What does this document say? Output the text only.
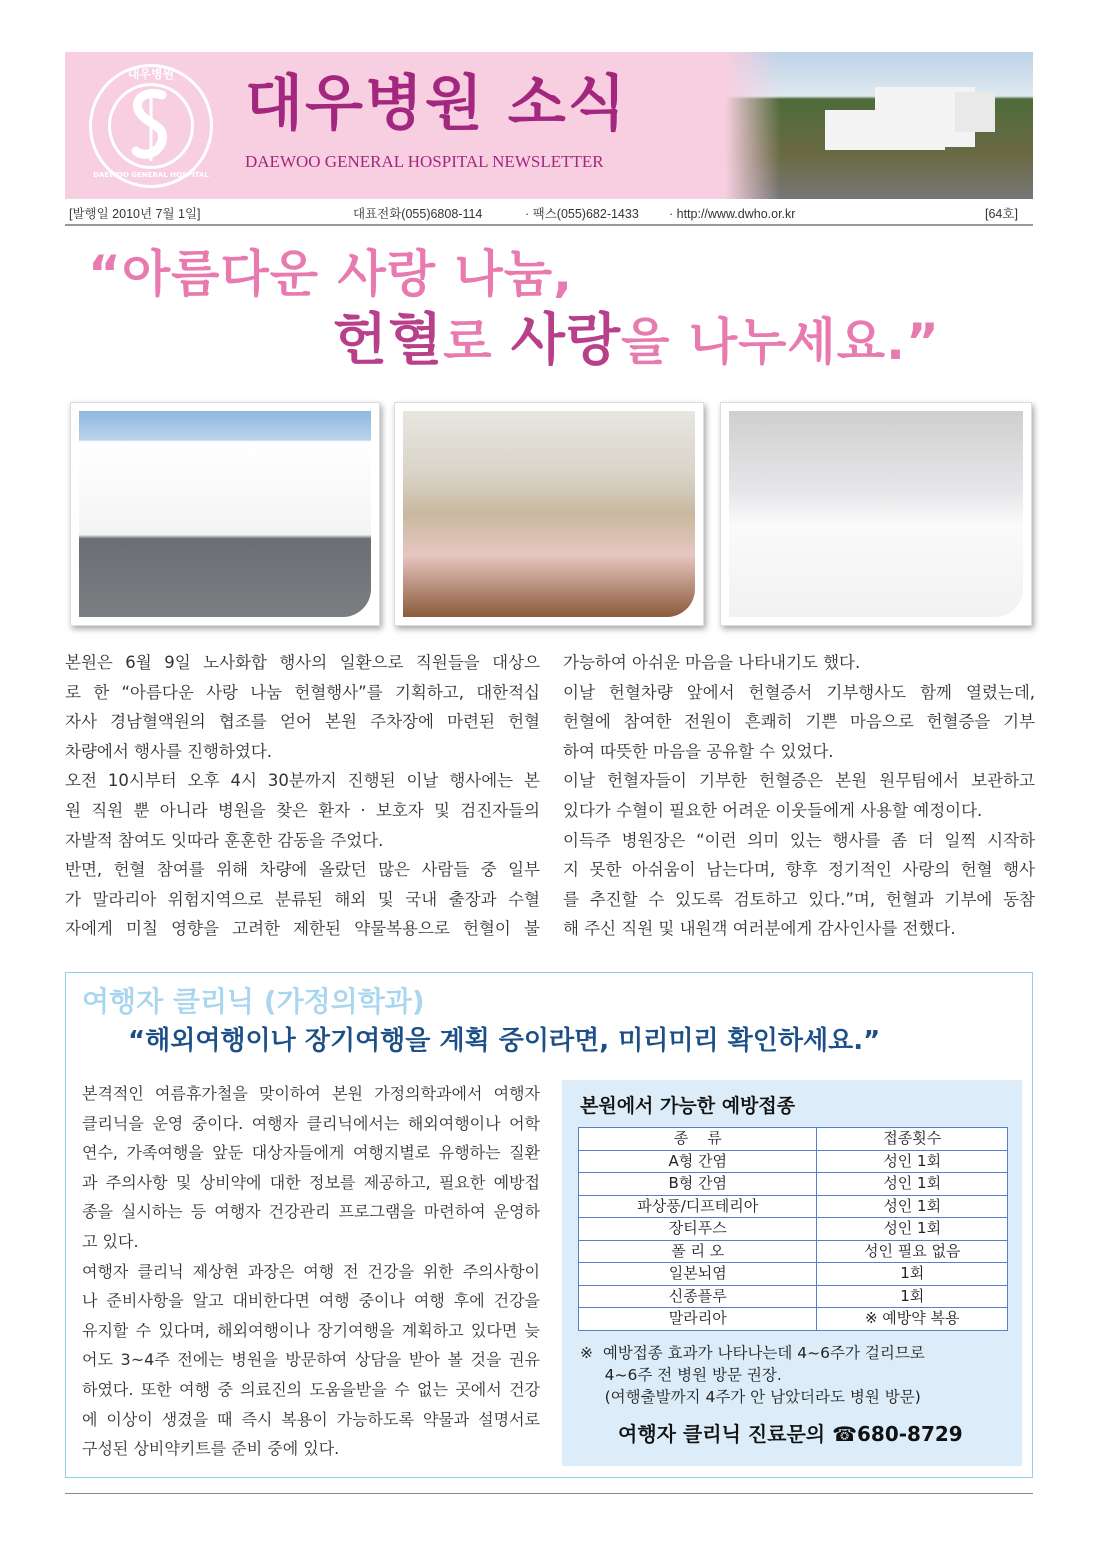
대우병원
DAEWOO GENERAL HOSPITAL
대우병원 소식
DAEWOO GENERAL HOSPITAL NEWSLETTER
[발행일 2010년 7월 1일]	대표전화(055)6808-114	· 팩스(055)682-1433 · http://www.dwho.or.kr	[64호]
“아름다운 사랑 나눔,
헌혈로 사랑을 나누세요.”
본원은 6월 9일 노사화합 행사의 일환으로 직원들을 대상으
로 한 “아름다운 사랑 나눔 헌혈행사”를 기획하고, 대한적십
자사 경남혈액원의 협조를 얻어 본원 주차장에 마련된 헌혈
차량에서 행사를 진행하였다.
오전 10시부터 오후 4시 30분까지 진행된 이날 행사에는 본
원 직원 뿐 아니라 병원을 찾은 환자 · 보호자 및 검진자들의
자발적 참여도 잇따라 훈훈한 감동을 주었다.
반면, 헌혈 참여를 위해 차량에 올랐던 많은 사람들 중 일부
가 말라리아 위험지역으로 분류된 해외 및 국내 출장과 수혈
자에게 미칠 영향을 고려한 제한된 약물복용으로 헌혈이 불
가능하여 아쉬운 마음을 나타내기도 했다.
이날 헌혈차량 앞에서 헌혈증서 기부행사도 함께 열렸는데,
헌혈에 참여한 전원이 흔쾌히 기쁜 마음으로 헌혈증을 기부
하여 따뜻한 마음을 공유할 수 있었다.
이날 헌혈자들이 기부한 헌혈증은 본원 원무팀에서 보관하고
있다가 수혈이 필요한 어려운 이웃들에게 사용할 예정이다.
이득주 병원장은 “이런 의미 있는 행사를 좀 더 일찍 시작하
지 못한 아쉬움이 남는다며, 향후 정기적인 사랑의 헌혈 행사
를 추진할 수 있도록 검토하고 있다.”며, 헌혈과 기부에 동참
해 주신 직원 및 내원객 여러분에게 감사인사를 전했다.
여행자 클리닉 (가정의학과)
“해외여행이나 장기여행을 계획 중이라면, 미리미리 확인하세요.”
본격적인 여름휴가철을 맞이하여 본원 가정의학과에서 여행자
클리닉을 운영 중이다. 여행자 클리닉에서는 해외여행이나 어학
연수, 가족여행을 앞둔 대상자들에게 여행지별로 유행하는 질환
과 주의사항 및 상비약에 대한 정보를 제공하고, 필요한 예방접
종을 실시하는 등 여행자 건강관리 프로그램을 마련하여 운영하
고 있다.
여행자 클리닉 제상현 과장은 여행 전 건강을 위한 주의사항이
나 준비사항을 알고 대비한다면 여행 중이나 여행 후에 건강을
유지할 수 있다며, 해외여행이나 장기여행을 계획하고 있다면 늦
어도 3~4주 전에는 병원을 방문하여 상담을 받아 볼 것을 권유
하였다. 또한 여행 중 의료진의 도움을받을 수 없는 곳에서 건강
에 이상이 생겼을 때 즉시 복용이 가능하도록 약물과 설명서로
구성된 상비약키트를 준비 중에 있다.
본원에서 가능한 예방접종
종    류	접종횟수
A형 간염	성인 1회
B형 간염	성인 1회
파상풍/디프테리아	성인 1회
장티푸스	성인 1회
폴 리 오	성인 필요 없음
일본뇌염	1회
신종플루	1회
말라리아	※ 예방약 복용
※  예방접종 효과가 나타나는데 4~6주가 걸리므로
4~6주 전 병원 방문 권장.
(여행출발까지 4주가 안 남았더라도 병원 방문)
여행자 클리닉 진료문의 ☎680-8729
